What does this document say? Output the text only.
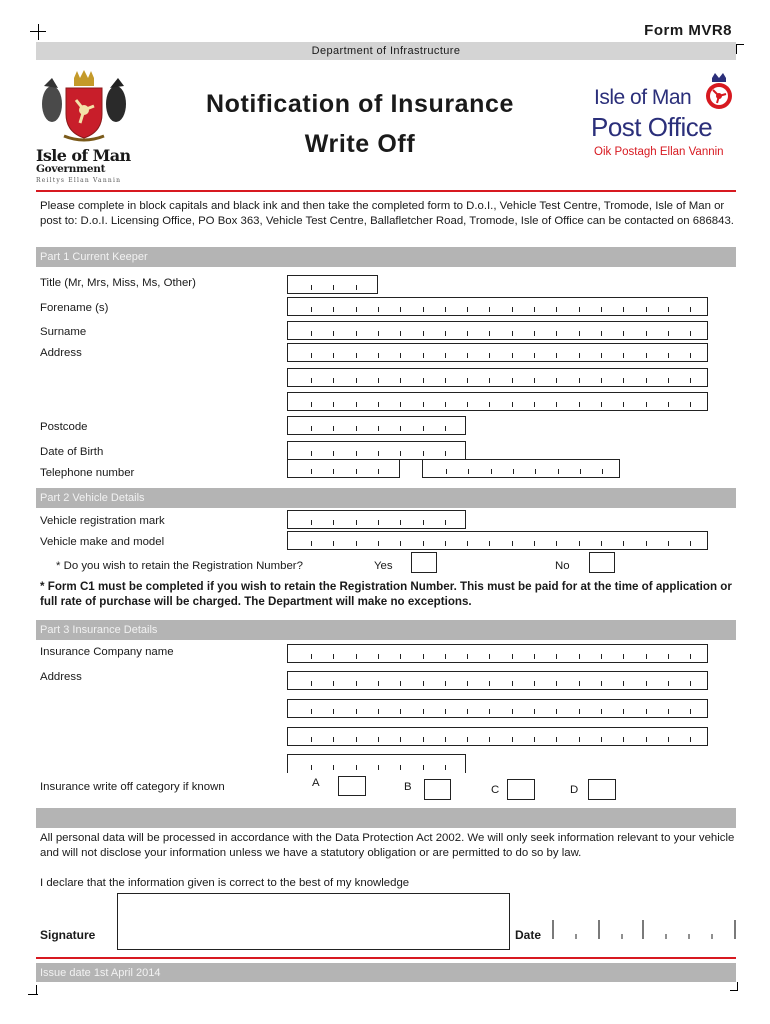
Form MVR8
Department of Infrastructure
Isle of Man
Government
Reiltys Ellan Vannin
Notification of Insurance
Write Off
Isle of Man
Post Office
Oik Postagh Ellan Vannin
Please complete in block capitals and black ink and then take the completed form to D.o.I., Vehicle Test Centre, Tromode, Isle of Man or post to: D.o.I. Licensing Office, PO Box 363, Vehicle Test Centre, Ballafletcher Road, Tromode, Isle of Office can be contacted on 686843.
Part 1 Current Keeper
Title (Mr, Mrs, Miss, Ms, Other)
Forename (s)
Surname
Address
Postcode
Date of Birth
Telephone number
Part 2 Vehicle Details
Vehicle registration mark
Vehicle make and model
* Do you wish to retain the Registration Number?	Yes	No
* Form C1 must be completed if you wish to retain the Registration Number. This must be paid for at the time of application or full rate of purchase will be charged. The Department will make no exceptions.
Part 3 Insurance Details
Insurance Company name
Address
Insurance write off category if known	A	B	C	D
All personal data will be processed in accordance with the Data Protection Act 2002. We will only seek information relevant to your vehicle and will not disclose your information unless we have a statutory obligation or are permitted to do so by law.
I declare that the information given is correct to the best of my knowledge
Signature	Date
Issue date 1st April 2014
